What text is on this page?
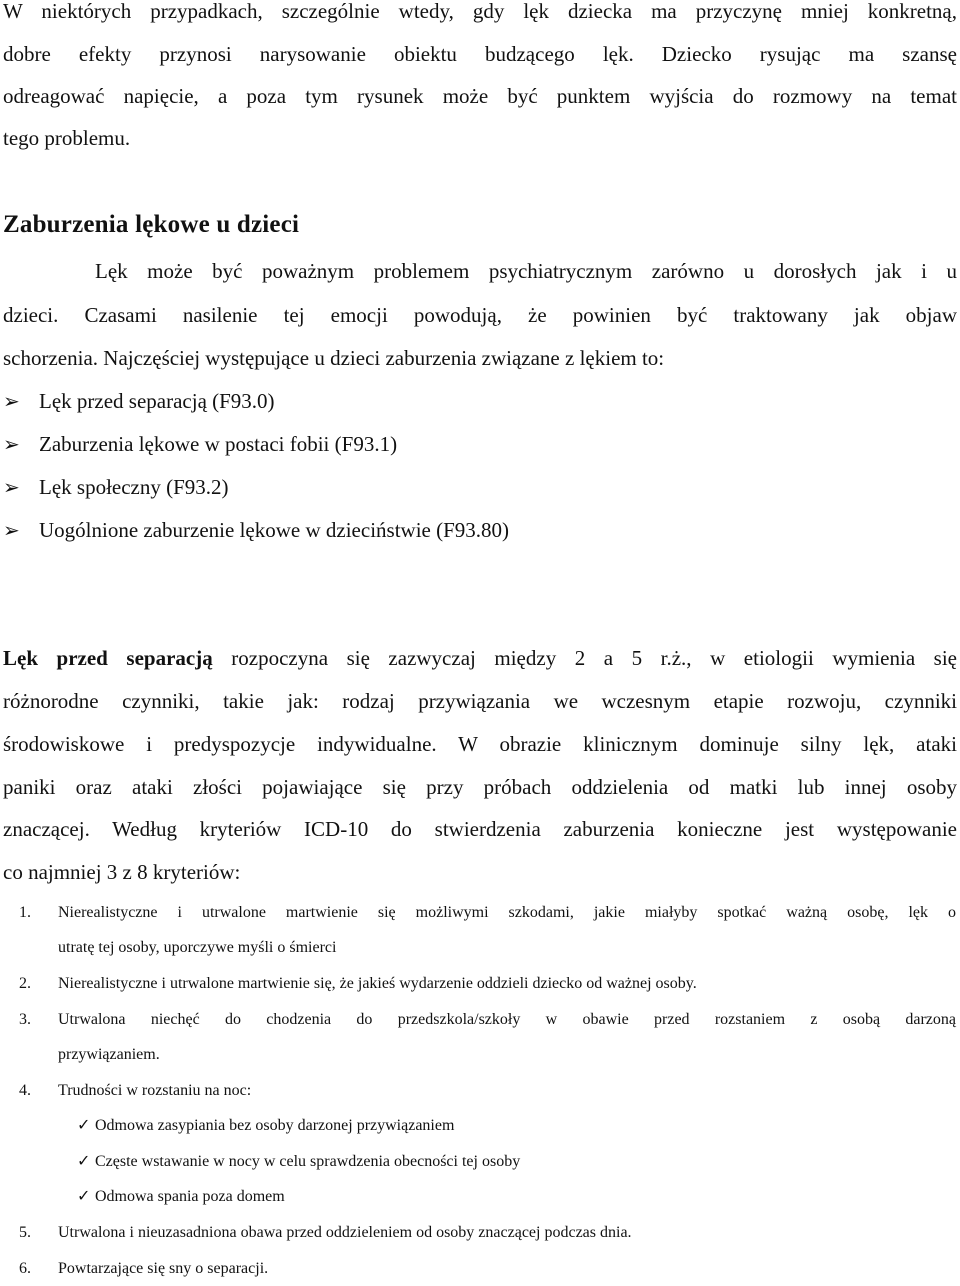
W niektórych przypadkach, szczególnie wtedy, gdy lęk dziecka ma przyczynę mniej konkretną,
dobre efekty przynosi narysowanie obiektu budzącego lęk. Dziecko rysując ma szansę
odreagować napięcie, a poza tym rysunek może być punktem wyjścia do rozmowy na temat
tego problemu.
Zaburzenia lękowe u dzieci
Lęk może być poważnym problemem psychiatrycznym zarówno u dorosłych jak i u
dzieci. Czasami nasilenie tej emocji powodują, że powinien być traktowany jak objaw
schorzenia. Najczęściej występujące u dzieci zaburzenia związane z lękiem to:
➢ Lęk przed separacją (F93.0)
➢ Zaburzenia lękowe w postaci fobii (F93.1)
➢ Lęk społeczny (F93.2)
➢ Uogólnione zaburzenie lękowe w dzieciństwie (F93.80)
Lęk przed separacją rozpoczyna się zazwyczaj między 2 a 5 r.ż., w etiologii wymienia się
różnorodne czynniki, takie jak: rodzaj przywiązania we wczesnym etapie rozwoju, czynniki
środowiskowe i predyspozycje indywidualne. W obrazie klinicznym dominuje silny lęk, ataki
paniki oraz ataki złości pojawiające się przy próbach oddzielenia od matki lub innej osoby
znaczącej. Według kryteriów ICD-10 do stwierdzenia zaburzenia konieczne jest występowanie
co najmniej 3 z 8 kryteriów:
1. Nierealistyczne i utrwalone martwienie się możliwymi szkodami, jakie miałyby spotkać ważną osobę, lęk o
utratę tej osoby, uporczywe myśli o śmierci
2. Nierealistyczne i utrwalone martwienie się, że jakieś wydarzenie oddzieli dziecko od ważnej osoby.
3. Utrwalona niechęć do chodzenia do przedszkola/szkoły w obawie przed rozstaniem z osobą darzoną
przywiązaniem.
4. Trudności w rozstaniu na noc:
✓ Odmowa zasypiania bez osoby darzonej przywiązaniem
✓ Częste wstawanie w nocy w celu sprawdzenia obecności tej osoby
✓ Odmowa spania poza domem
5. Utrwalona i nieuzasadniona obawa przed oddzieleniem od osoby znaczącej podczas dnia.
6. Powtarzające się sny o separacji.
